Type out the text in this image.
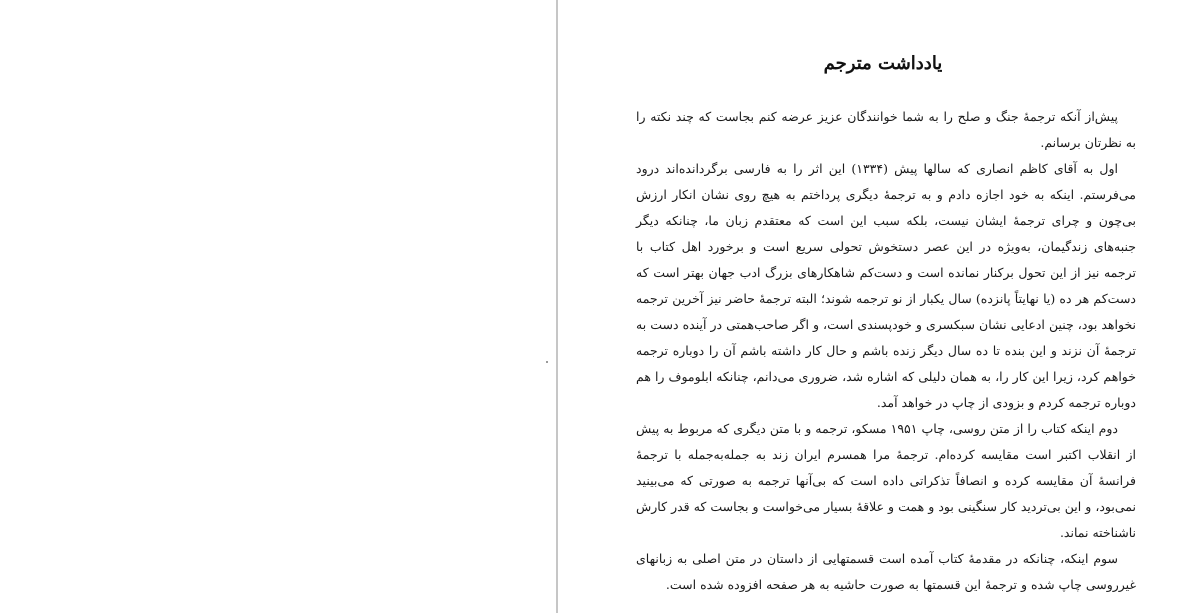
یادداشت مترجم

پیش‌از آنکه ترجمهٔ جنگ و صلح را به شما خوانندگان عزیز عرضه کنم بجاست که چند نکته را به نظرتان برسانم.

اول به آقای کاظم انصاری که سالها پیش (۱۳۳۴) این اثر را به فارسی برگردانده‌اند درود می‌فرستم. اینکه به خود اجازه دادم و به ترجمهٔ دیگری پرداختم به هیچ روی نشان انکار ارزش بی‌چون و چرای ترجمهٔ ایشان نیست، بلکه سبب این است که معتقدم زبان ما، چنانکه دیگر جنبه‌های زندگیمان، به‌ویژه در این عصر دستخوش تحولی سریع است و برخورد اهل کتاب با ترجمه نیز از این تحول برکنار نمانده است و دست‌کم شاهکارهای بزرگ ادب جهان بهتر است که دست‌کم هر ده (یا نهایتاً پانزده) سال یکبار از نو ترجمه شوند؛ البته ترجمهٔ حاضر نیز آخرین ترجمه نخواهد بود، چنین ادعایی نشان سبکسری و خودپسندی است، و اگر صاحب‌همتی در آینده دست به ترجمهٔ آن نزند و این بنده تا ده سال دیگر زنده باشم و حال کار داشته باشم آن را دوباره ترجمه خواهم کرد، زیرا این کار را، به همان دلیلی که اشاره شد، ضروری می‌دانم، چنانکه ابلوموف را هم دوباره ترجمه کردم و بزودی از چاپ در خواهد آمد.

دوم اینکه کتاب را از متن روسی، چاپ ۱۹۵۱ مسکو، ترجمه و با متن دیگری که مربوط به پیش از انقلاب اکتبر است مقایسه کرده‌ام. ترجمهٔ مرا همسرم ایران زند به جمله‌به‌جمله با ترجمهٔ فرانسهٔ آن مقایسه کرده و انصافاً تذکراتی داده است که بی‌آنها ترجمه به صورتی که می‌بینید نمی‌بود، و این بی‌تردید کار سنگینی بود و همت و علاقهٔ بسیار می‌خواست و بجاست که قدر کارش ناشناخته نماند.

سوم اینکه، چنانکه در مقدمهٔ کتاب آمده است قسمتهایی از داستان در متن اصلی به زبانهای غیرروسی چاپ شده و ترجمهٔ این قسمتها به صورت حاشیه به هر صفحه افزوده شده است.
